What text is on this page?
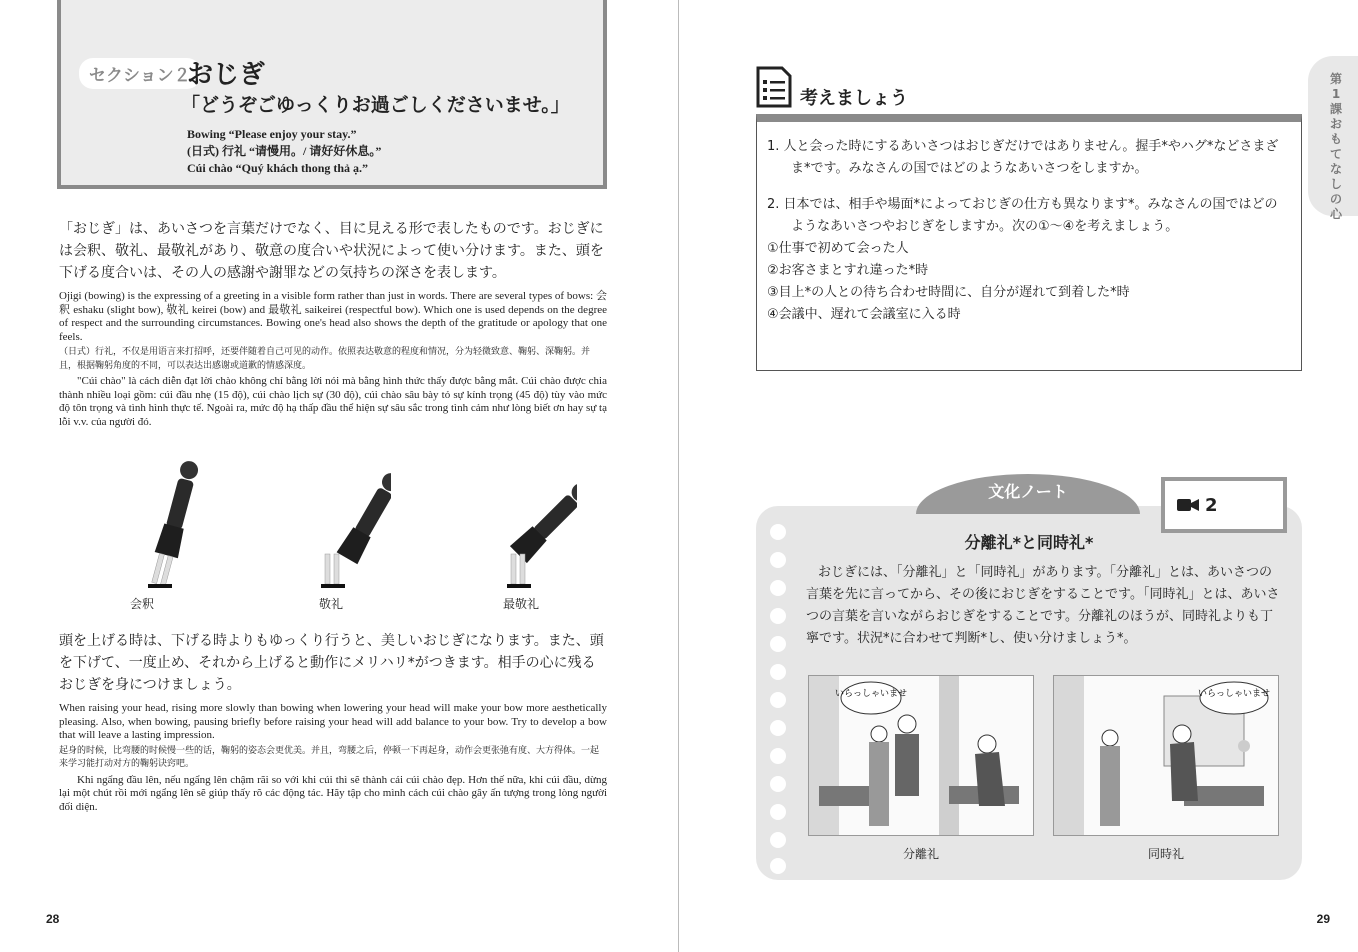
セクション２
おじぎ
「どうぞごゆっくりお過ごしくださいませ。」
Bowing “Please enjoy your stay.”
(日式) 行礼 “请慢用。/ 请好好休息。”
Cúi chào “Quý khách thong thả ạ.”

「おじぎ」は、あいさつを言葉だけでなく、目に見える形で表したものです。おじぎには会釈、敬礼、最敬礼があり、敬意の度合いや状況によって使い分けます。また、頭を下げる度合いは、その人の感謝や謝罪などの気持ちの深さを表します。

Ojigi (bowing) is the expressing of a greeting in a visible form rather than just in words. There are several types of bows: 会釈 eshaku (slight bow), 敬礼 keirei (bow) and 最敬礼 saikeirei (respectful bow). Which one is used depends on the degree of respect and the surrounding circumstances. Bowing one's head also shows the depth of the gratitude or apology that one feels.

（日式）行礼，不仅是用语言来打招呼，还要伴随着自己可见的动作。依照表达敬意的程度和情况，分为轻微致意、鞠躬、深鞠躬。并且，根据鞠躬角度的不同，可以表达出感谢或道歉的情感深度。

"Cúi chào" là cách diễn đạt lời chào không chỉ bằng lời nói mà bằng hình thức thấy được bằng mắt. Cúi chào được chia thành nhiều loại gồm: cúi đầu nhẹ (15 độ), cúi chào lịch sự (30 độ), cúi chào sâu bày tỏ sự kính trọng (45 độ) tùy vào mức độ tôn trọng và tình hình thực tế. Ngoài ra, mức độ hạ thấp đầu thể hiện sự sâu sắc trong tình cảm như lòng biết ơn hay sự tạ lỗi v.v. của người đó.

会釈	敬礼	最敬礼

頭を上げる時は、下げる時よりもゆっくり行うと、美しいおじぎになります。また、頭を下げて、一度止め、それから上げると動作にメリハリ*がつきます。相手の心に残るおじぎを身につけましょう。

When raising your head, rising more slowly than bowing when lowering your head will make your bow more aesthetically pleasing. Also, when bowing, pausing briefly before raising your head will add balance to your bow. Try to develop a bow that will leave a lasting impression.

起身的时候，比弯腰的时候慢一些的话，鞠躬的姿态会更优美。并且，弯腰之后，停顿一下再起身，动作会更张弛有度、大方得体。一起来学习能打动对方的鞠躬诀窍吧。

Khi ngẩng đầu lên, nếu ngẩng lên chậm rãi so với khi cúi thì sẽ thành cái cúi chào đẹp. Hơn thế nữa, khi cúi đầu, dừng lại một chút rồi mới ngẩng lên sẽ giúp thấy rõ các động tác. Hãy tập cho mình cách cúi chào gây ấn tượng trong lòng người đối diện.

28	29
第1課 おもてなしの心
考えましょう

1. 人と会った時にするあいさつはおじぎだけではありません。握手*やハグ*などさまざま*です。みなさんの国ではどのようなあいさつをしますか。

2. 日本では、相手や場面*によっておじぎの仕方も異なります*。みなさんの国ではどのようなあいさつやおじぎをしますか。次の①～④を考えましょう。

①仕事で初めて会った人

②お客さまとすれ違った*時

③目上*の人との待ち合わせ時間に、自分が遅れて到着した*時

④会議中、遅れて会議室に入る時

文化ノート
2
分離礼*と同時礼*

おじぎには、「分離礼」と「同時礼」があります。「分離礼」とは、あいさつの言葉を先に言ってから、その後におじぎをすることです。「同時礼」とは、あいさつの言葉を言いながらおじぎをすることです。分離礼のほうが、同時礼よりも丁寧です。状況*に合わせて判断*し、使い分けましょう*。

いらっしゃいませ	いらっしゃいませ
分離礼	同時礼
